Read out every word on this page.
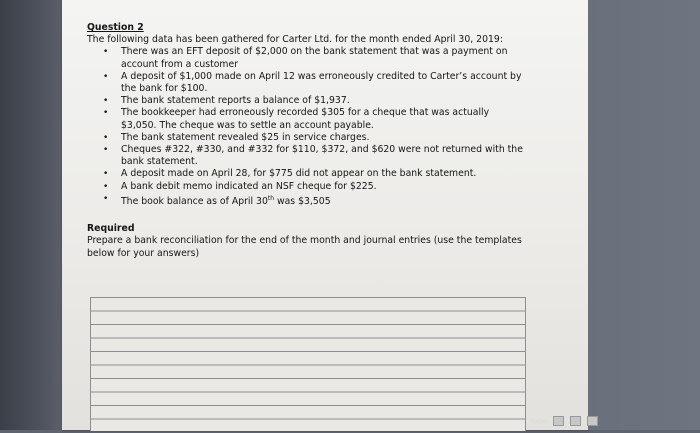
Question 2

The following data has been gathered for Carter Ltd. for the month ended April 30, 2019:

• There was an EFT deposit of $2,000 on the bank statement that was a payment on account from a customer
• A deposit of $1,000 made on April 12 was erroneously credited to Carter’s account by the bank for $100.
• The bank statement reports a balance of $1,937.
• The bookkeeper had erroneously recorded $305 for a cheque that was actually $3,050. The cheque was to settle an account payable.
• The bank statement revealed $25 in service charges.
• Cheques #322, #330, and #332 for $110, $372, and $620 were not returned with the bank statement.
• A deposit made on April 28, for $775 did not appear on the bank statement.
• A bank debit memo indicated an NSF cheque for $225.
• The book balance as of April 30th was $3,505

Required

Prepare a bank reconciliation for the end of the month and journal entries (use the templates below for your answers)

Focus
